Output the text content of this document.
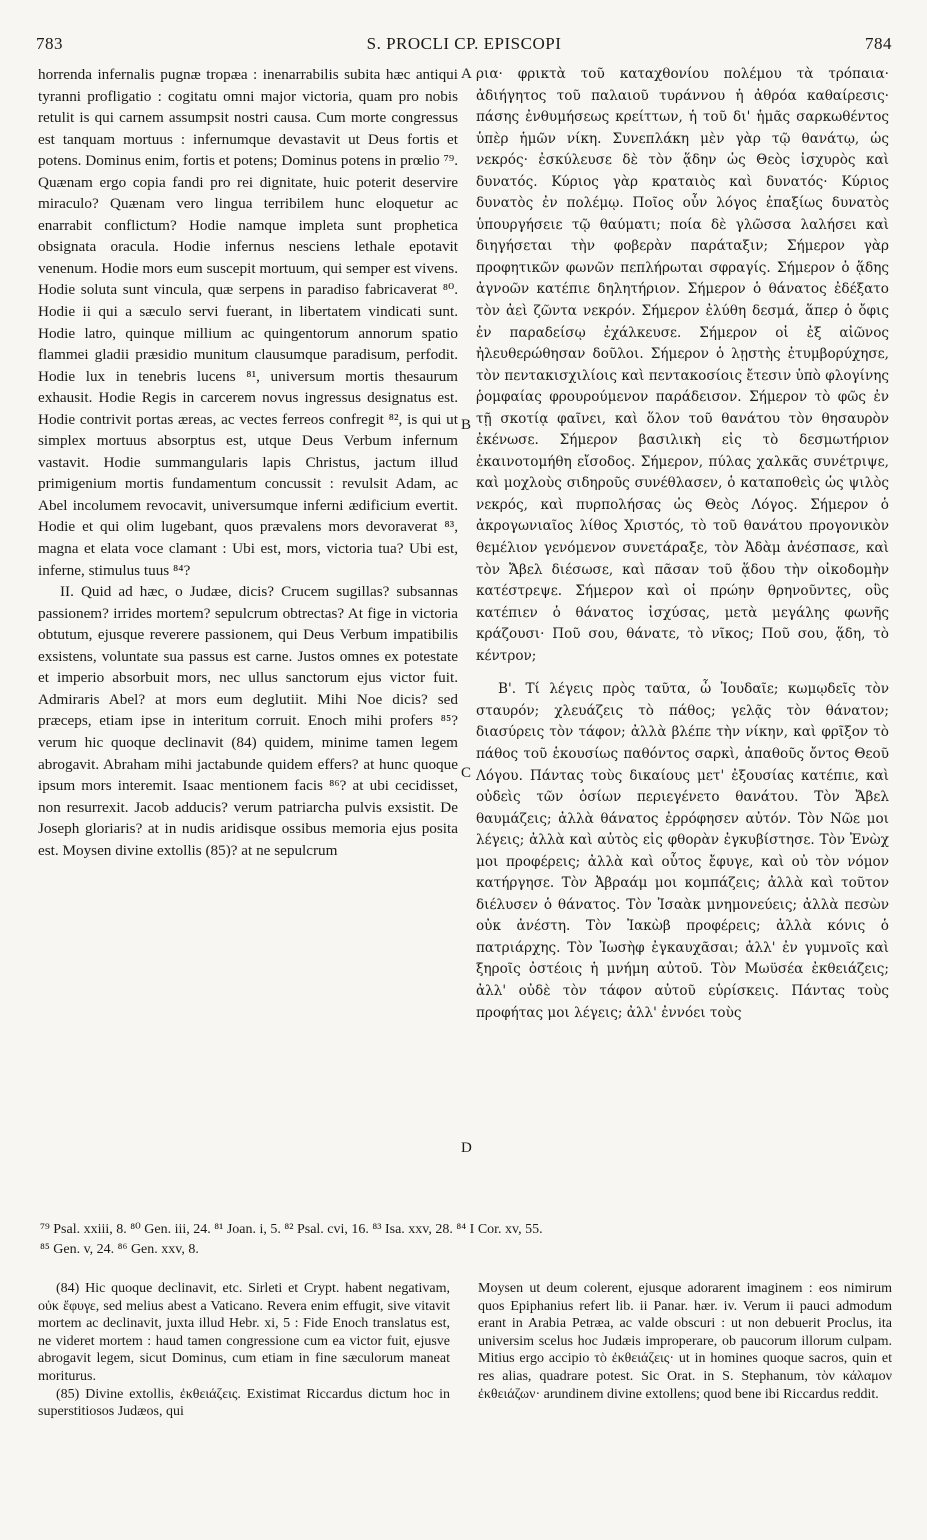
783	S. PROCLI CP. EPISCOPI	784

horrenda infernalis pugnæ tropæa : inenarrabilis subita hæc antiqui tyranni profligatio : cogitatu omni major victoria, quam pro nobis retulit is qui carnem assumpsit nostri causa. Cum morte congressus est tanquam mortuus : infernumque devastavit ut Deus fortis et potens. Dominus enim, fortis et potens; Dominus potens in prœlio ⁷⁹. Quænam ergo copia fandi pro rei dignitate, huic poterit deservire miraculo? Quænam vero lingua terribilem hunc eloquetur ac enarrabit conflictum? Hodie namque impleta sunt prophetica obsignata oracula. Hodie infernus nesciens lethale epotavit venenum. Hodie mors eum suscepit mortuum, qui semper est vivens. Hodie soluta sunt vincula, quæ serpens in paradiso fabricaverat ⁸⁰. Hodie ii qui a sæculo servi fuerant, in libertatem vindicati sunt. Hodie latro, quinque millium ac quingentorum annorum spatio flammei gladii præsidio munitum clausumque paradisum, perfodit. Hodie lux in tenebris lucens ⁸¹, universum mortis thesaurum exhausit. Hodie Regis in carcerem novus ingressus designatus est. Hodie contrivit portas æreas, ac vectes ferreos confregit ⁸², is qui ut simplex mortuus absorptus est, utque Deus Verbum infernum vastavit. Hodie summangularis lapis Christus, jactum illud primigenium mortis fundamentum concussit : revulsit Adam, ac Abel incolumem revocavit, universumque inferni ædificium evertit. Hodie et qui olim lugebant, quos prævalens mors devoraverat ⁸³, magna et elata voce clamant : Ubi est, mors, victoria tua? Ubi est, inferne, stimulus tuus ⁸⁴?

II. Quid ad hæc, o Judæe, dicis? Crucem sugillas? subsannas passionem? irrides mortem? sepulcrum obtrectas? At fige in victoria obtutum, ejusque reverere passionem, qui Deus Verbum impatibilis exsistens, voluntate sua passus est carne. Justos omnes ex potestate et imperio absorbuit mors, nec ullus sanctorum ejus victor fuit. Admiraris Abel? at mors eum deglutiit. Mihi Noe dicis? sed præceps, etiam ipse in interitum corruit. Enoch mihi profers ⁸⁵? verum hic quoque declinavit (84) quidem, minime tamen legem abrogavit. Abraham mihi jactabunde quidem effers? at hunc quoque ipsum mors interemit. Isaac mentionem facis ⁸⁶? at ubi cecidisset, non resurrexit. Jacob adducis? verum patriarcha pulvis exsistit. De Joseph gloriaris? at in nudis aridisque ossibus memoria ejus posita est. Moysen divine extollis (85)? at ne sepulcrum

A
B
C
D

ρια· φρικτὰ τοῦ καταχθονίου πολέμου τὰ τρόπαια· ἀδιήγητος τοῦ παλαιοῦ τυράννου ἡ ἀθρόα καθαίρεσις· πάσης ἐνθυμήσεως κρείττων, ἡ τοῦ δι' ἡμᾶς σαρκωθέντος ὑπὲρ ἡμῶν νίκη. Συνεπλάκη μὲν γὰρ τῷ θανάτῳ, ὡς νεκρός· ἐσκύλευσε δὲ τὸν ᾅδην ὡς Θεὸς ἰσχυρὸς καὶ δυνατός. Κύριος γὰρ κραταιὸς καὶ δυνατός· Κύριος δυνατὸς ἐν πολέμῳ. Ποῖος οὖν λόγος ἐπαξίως δυνατὸς ὑπουργήσειε τῷ θαύματι; ποία δὲ γλῶσσα λαλήσει καὶ διηγήσεται τὴν φοβερὰν παράταξιν; Σήμερον γὰρ προφητικῶν φωνῶν πεπλήρωται σφραγίς. Σήμερον ὁ ᾅδης ἀγνοῶν κατέπιε δηλητήριον. Σήμερον ὁ θάνατος ἐδέξατο τὸν ἀεὶ ζῶντα νεκρόν. Σήμερον ἐλύθη δεσμά, ἅπερ ὁ ὄφις ἐν παραδείσῳ ἐχάλκευσε. Σήμερον οἱ ἐξ αἰῶνος ἠλευθερώθησαν δοῦλοι. Σήμερον ὁ λῃστὴς ἐτυμβορύχησε, τὸν πεντακισχιλίοις καὶ πεντακοσίοις ἔτεσιν ὑπὸ φλογίνης ῥομφαίας φρουρούμενον παράδεισον. Σήμερον τὸ φῶς ἐν τῇ σκοτίᾳ φαῖνει, καὶ ὅλον τοῦ θανάτου τὸν θησαυρὸν ἐκένωσε. Σήμερον βασιλικὴ εἰς τὸ δεσμωτήριον ἐκαινοτομήθη εἴσοδος. Σήμερον, πύλας χαλκᾶς συνέτριψε, καὶ μοχλοὺς σιδηροῦς συνέθλασεν, ὁ καταποθεὶς ὡς ψιλὸς νεκρός, καὶ πυρπολήσας ὡς Θεὸς Λόγος. Σήμερον ὁ ἀκρογωνιαῖος λίθος Χριστός, τὸ τοῦ θανάτου προγονικὸν θεμέλιον γενόμενον συνετάραξε, τὸν Ἀδὰμ ἀνέσπασε, καὶ τὸν Ἄβελ διέσωσε, καὶ πᾶσαν τοῦ ᾅδου τὴν οἰκοδομὴν κατέστρεψε. Σήμερον καὶ οἱ πρώην θρηνοῦντες, οὓς κατέπιεν ὁ θάνατος ἰσχύσας, μετὰ μεγάλης φωνῆς κράζουσι· Ποῦ σου, θάνατε, τὸ νῖκος; Ποῦ σου, ᾅδη, τὸ κέντρον;

Β'. Τί λέγεις πρὸς ταῦτα, ὦ Ἰουδαῖε; κωμῳδεῖς τὸν σταυρόν; χλευάζεις τὸ πάθος; γελᾷς τὸν θάνατον; διασύρεις τὸν τάφον; ἀλλὰ βλέπε τὴν νίκην, καὶ φρῖξον τὸ πάθος τοῦ ἑκουσίως παθόντος σαρκὶ, ἀπαθοῦς ὄντος Θεοῦ Λόγου. Πάντας τοὺς δικαίους μετ' ἐξουσίας κατέπιε, καὶ οὐδεὶς τῶν ὁσίων περιεγένετο θανάτου. Τὸν Ἄβελ θαυμάζεις; ἀλλὰ θάνατος ἐρρόφησεν αὐτόν. Τὸν Νῶε μοι λέγεις; ἀλλὰ καὶ αὐτὸς εἰς φθορὰν ἐγκυβίστησε. Τὸν Ἐνὼχ μοι προφέρεις; ἀλλὰ καὶ οὗτος ἔφυγε, καὶ οὐ τὸν νόμον κατήργησε. Τὸν Ἀβραάμ μοι κομπάζεις; ἀλλὰ καὶ τοῦτον διέλυσεν ὁ θάνατος. Τὸν Ἰσαὰκ μνημονεύεις; ἀλλὰ πεσὼν οὐκ ἀνέστη. Τὸν Ἰακὼβ προφέρεις; ἀλλὰ κόνις ὁ πατριάρχης. Τὸν Ἰωσὴφ ἐγκαυχᾶσαι; ἀλλ' ἐν γυμνοῖς καὶ ξηροῖς ὀστέοις ἡ μνήμη αὐτοῦ. Τὸν Μωϋσέα ἐκθειάζεις; ἀλλ' οὐδὲ τὸν τάφον αὐτοῦ εὑρίσκεις. Πάντας τοὺς προφήτας μοι λέγεις; ἀλλ' ἐννόει τοὺς

⁷⁹ Psal. xxiii, 8. ⁸⁰ Gen. iii, 24. ⁸¹ Joan. i, 5. ⁸² Psal. cvi, 16. ⁸³ Isa. xxv, 28. ⁸⁴ I Cor. xv, 55.
⁸⁵ Gen. v, 24. ⁸⁶ Gen. xxv, 8.

(84) Hic quoque declinavit, etc. Sirleti et Crypt. habent negativam, οὐκ ἔφυγε, sed melius abest a Vaticano. Revera enim effugit, sive vitavit mortem ac declinavit, juxta illud Hebr. xi, 5 : Fide Enoch translatus est, ne videret mortem : haud tamen congressione cum ea victor fuit, ejusve abrogavit legem, sicut Dominus, cum etiam in fine sæculorum maneat moriturus.

(85) Divine extollis, ἐκθειάζεις. Existimat Riccardus dictum hoc in superstitiosos Judæos, qui

Moysen ut deum colerent, ejusque adorarent imaginem : eos nimirum quos Epiphanius refert lib. ii Panar. hær. iv. Verum ii pauci admodum erant in Arabia Petræa, ac valde obscuri : ut non debuerit Proclus, ita universim scelus hoc Judæis improperare, ob paucorum illorum culpam. Mitius ergo accipio τὸ ἐκθειάζεις· ut in homines quoque sacros, quin et res alias, quadrare potest. Sic Orat. in S. Stephanum, τὸν κάλαμον ἐκθειάζων· arundinem divine extollens; quod bene ibi Riccardus reddit.
